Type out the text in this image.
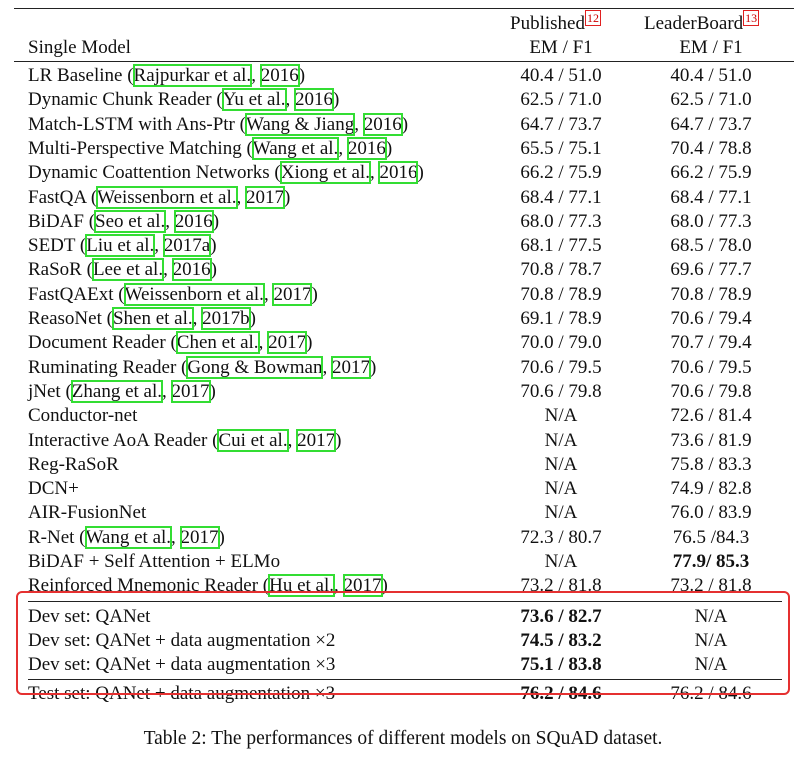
Published $^{12}$ LeaderBoard $^{13}$
Single Model	EM / F1	EM / F1
LR Baseline (Rajpurkar et al., 2016)	40.4 / 51.0	40.4 / 51.0
Dynamic Chunk Reader (Yu et al., 2016)	62.5 / 71.0	62.5 / 71.0
Match-LSTM with Ans-Ptr (Wang & Jiang, 2016)	64.7 / 73.7	64.7 / 73.7
Multi-Perspective Matching (Wang et al., 2016)	65.5 / 75.1	70.4 / 78.8
Dynamic Coattention Networks (Xiong et al., 2016)	66.2 / 75.9	66.2 / 75.9
FastQA (Weissenborn et al., 2017)	68.4 / 77.1	68.4 / 77.1
BiDAF (Seo et al., 2016)	68.0 / 77.3	68.0 / 77.3
SEDT (Liu et al., 2017a)	68.1 / 77.5	68.5 / 78.0
RaSoR (Lee et al., 2016)	70.8 / 78.7	69.6 / 77.7
FastQAExt (Weissenborn et al., 2017)	70.8 / 78.9	70.8 / 78.9
ReasoNet (Shen et al., 2017b)	69.1 / 78.9	70.6 / 79.4
Document Reader (Chen et al., 2017)	70.0 / 79.0	70.7 / 79.4
Ruminating Reader (Gong & Bowman, 2017)	70.6 / 79.5	70.6 / 79.5
jNet (Zhang et al., 2017)	70.6 / 79.8	70.6 / 79.8
Conductor-net	N/A	72.6 / 81.4
Interactive AoA Reader (Cui et al., 2017)	N/A	73.6 / 81.9
Reg-RaSoR	N/A	75.8 / 83.3
DCN+	N/A	74.9 / 82.8
AIR-FusionNet	N/A	76.0 / 83.9
R-Net (Wang et al., 2017)	72.3 / 80.7	76.5 /84.3
BiDAF + Self Attention + ELMo	N/A	77.9/ 85.3
Reinforced Mnemonic Reader (Hu et al., 2017)	73.2 / 81.8	73.2 / 81.8
Dev set: QANet	73.6 / 82.7	N/A
Dev set: QANet + data augmentation ×2	74.5 / 83.2	N/A
Dev set: QANet + data augmentation ×3	75.1 / 83.8	N/A
Test set: QANet + data augmentation ×3	76.2 / 84.6	76.2 / 84.6
Table 2: The performances of different models on SQuAD dataset.
